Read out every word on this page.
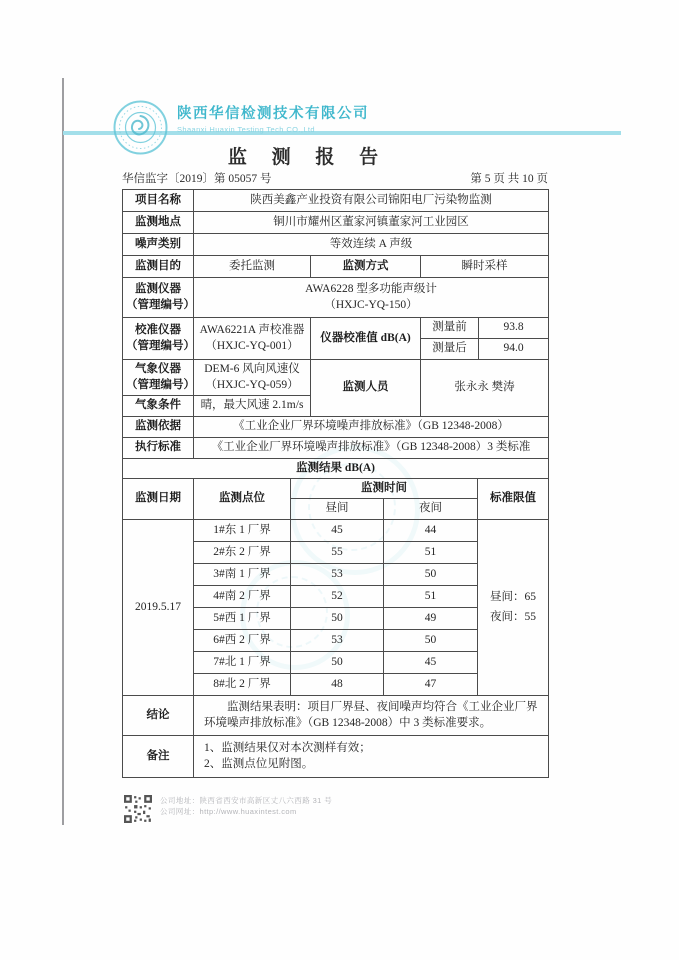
陕西华信检测技术有限公司
Shaanxi Huaxin Testing Tech CO.,Ltd
监 测 报 告
华信监字〔2019〕第 05057 号	第 5 页 共 10 页
项目名称	陕西美鑫产业投资有限公司锦阳电厂污染物监测			
监测地点	铜川市耀州区董家河镇董家河工业园区			
噪声类别	等效连续 A 声级			
监测目的	委托监测	监测方式	瞬时采样	
监测仪器（管理编号）	AWA6228 型多功能声级计
（HXJC-YQ-150）			

校准仪器（管理编号）	AWA6221A 声校准器
（HXJC-YQ-001）	仪器校准值 dB(A)	测量前	93.8
			测量后	94.0
气象仪器（管理编号）	DEM-6 风向风速仪
（HXJC-YQ-059）	监测人员	张永永 樊涛	
气象条件	晴，最大风速 2.1m/s			
监测依据	《工业企业厂界环境噪声排放标准》（GB 12348-2008）			
执行标准	《工业企业厂界环境噪声排放标准》（GB 12348-2008）3 类标准			
监测结果 dB(A)				
监测日期	监测点位	监测时间		标准限值
		昼间	夜间	
2019.5.17	1#东 1 厂界	45	44	昼间：65
夜间：55

	2#东 2 厂界	55	51	
	3#南 1 厂界	53	50	
	4#南 2 厂界	52	51	
	5#西 1 厂界	50	49	
	6#西 2 厂界	53	50	
	7#北 1 厂界	50	45	
	8#北 2 厂界	48	47	
结论	监测结果表明：项目厂界昼、夜间噪声均符合《工业企业厂界环境噪声排放标准》（GB 12348-2008）中 3 类标准要求。

备注	1、监测结果仅对本次测样有效；
2、监测点位见附图。
公司地址：陕西省西安市高新区丈八六西路 31 号
公司网址：http://www.huaxintest.com
